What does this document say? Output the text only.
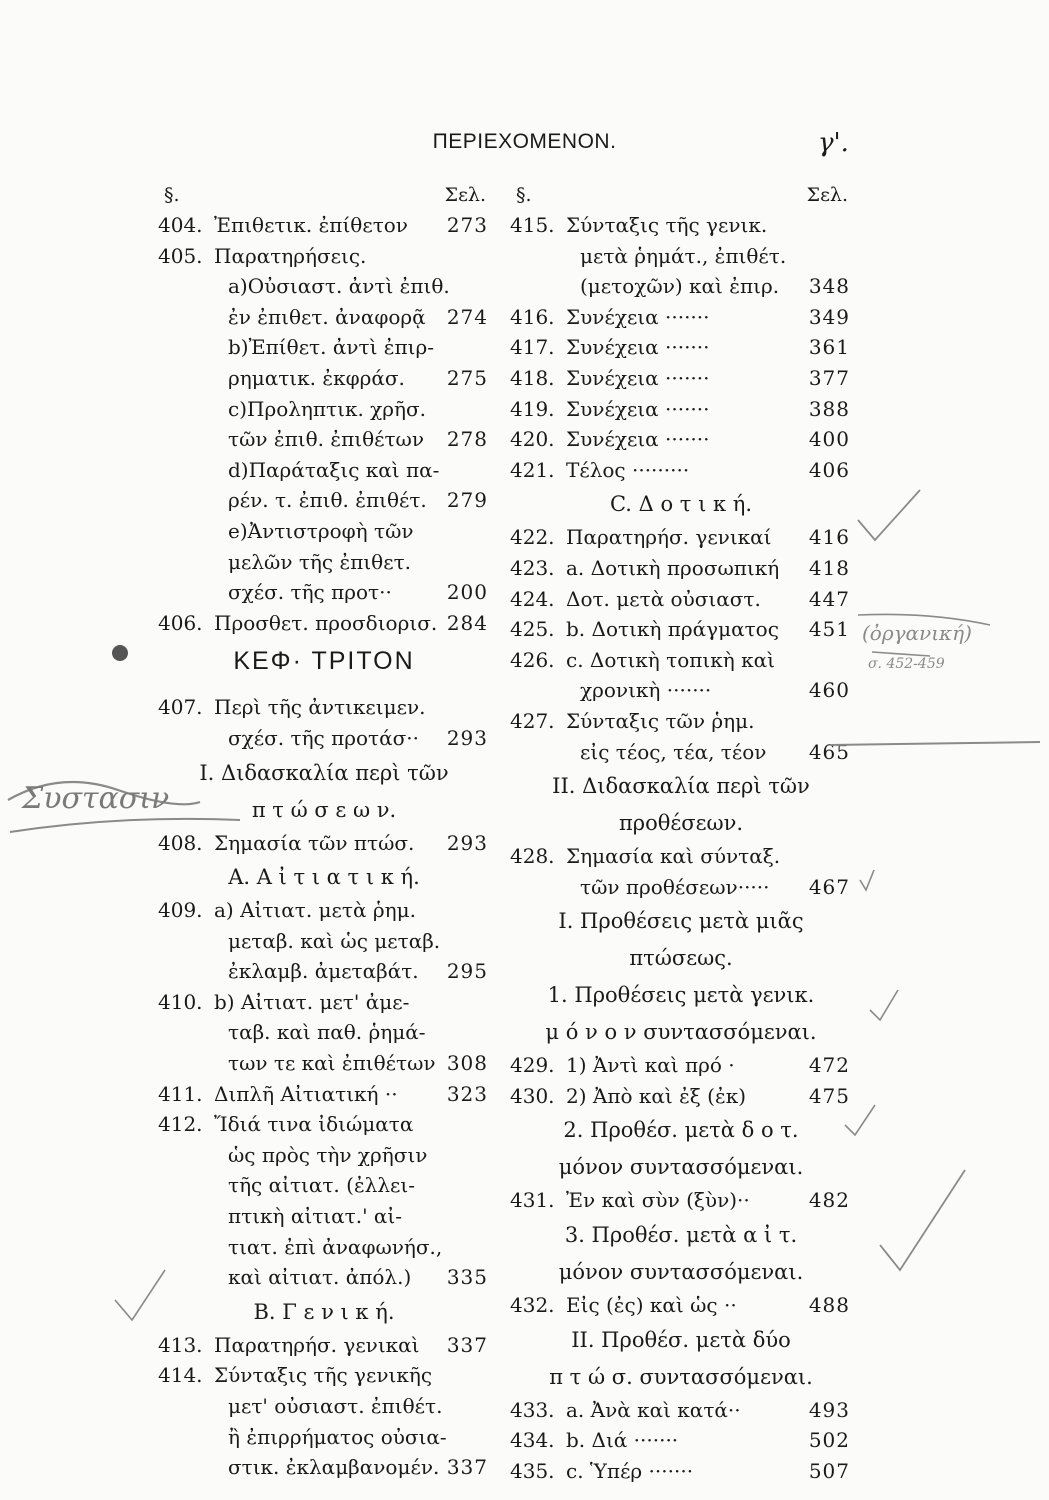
ΠΕΡΙΕΧΟΜΕΝΟΝ.	γ'.
§.	Σελ.
404. Ἐπιθετικ. ἐπίθετον 273
405. Παρατηρήσεις.
a)Οὐσιαστ. ἀντὶ ἐπιθ.
ἐν ἐπιθετ. ἀναφορᾷ 274
b)Ἐπίθετ. ἀντὶ ἐπιρ-
ρηματικ. ἐκφράσ. 275
c)Προληπτικ. χρῆσ.
τῶν ἐπιθ. ἐπιθέτων 278
d)Παράταξις καὶ πα-
ρέν. τ. ἐπιθ. ἐπιθέτ. 279
e)Ἀντιστροφὴ τῶν
μελῶν τῆς ἐπιθετ.
σχέσ. τῆς προτ··	200
406. Προσθετ. προσδιορισ. 284
ΚΕΦ· ΤΡΙΤΟΝ
407. Περὶ τῆς ἀντικειμεν.
σχέσ. τῆς προτάσ·· 293
I. Διδασκαλία περὶ τῶν
π τ ώ σ ε ω ν.
408. Σημασία τῶν πτώσ. 293
A. Α ἰ τ ι α τ ι κ ή.
409. a) Αἰτιατ. μετὰ ῥημ.
μεταβ. καὶ ὡς μεταβ.
ἐκλαμβ. ἀμεταβάτ. 295
410. b) Αἰτιατ. μετ' ἀμε-
ταβ. καὶ παθ. ῥημά-
των τε καὶ ἐπιθέτων 308
411. Διπλῆ Αἰτιατική ·· 323
412. Ἴδιά τινα ἰδιώματα
ὡς πρὸς τὴν χρῆσιν
τῆς αἰτιατ. (ἐλλει-
πτικὴ αἰτιατ.' αἰ-
τιατ. ἐπὶ ἀναφωνήσ.,
καὶ αἰτιατ. ἀπόλ.) 335
B. Γ ε ν ι κ ή.
413. Παρατηρήσ. γενικαὶ 337
414. Σύνταξις τῆς γενικῆς
μετ' οὐσιαστ. ἐπιθέτ.
ἢ ἐπιρρήματος οὐσια-
στικ. ἐκλαμβανομέν. 337
§.	Σελ.
415. Σύνταξις τῆς γενικ.
μετὰ ῥημάτ., ἐπιθέτ.
(μετοχῶν) καὶ ἐπιρ. 348
416. Συνέχεια ·······	349
417. Συνέχεια ·······	361
418. Συνέχεια ·······	377
419. Συνέχεια ·······	388
420. Συνέχεια ·······	400
421. Τέλος ·········	406
C. Δ ο τ ι κ ή.
422. Παρατηρήσ. γενικαί 416
423. a. Δοτικὴ προσωπική 418
424. Δοτ. μετὰ οὐσιαστ. 447
425. b. Δοτικὴ πράγματος 451
426. c. Δοτικὴ τοπικὴ καὶ
χρονικὴ ·······	460
427. Σύνταξις τῶν ῥημ.
εἰς τέος, τέα, τέον 465
II. Διδασκαλία περὶ τῶν
προθέσεων.
428. Σημασία καὶ σύνταξ.
τῶν προθέσεων····· 467
I. Προθέσεις μετὰ μιᾶς
πτώσεως.
1. Προθέσεις μετὰ γενικ.
μ ό ν ο ν συντασσόμεναι.
429. 1) Ἀντὶ καὶ πρό ·	472
430. 2) Ἀπὸ καὶ ἐξ (ἐκ)	475
2. Προθέσ. μετὰ δ ο τ.
μόνον συντασσόμεναι.
431. Ἐν καὶ σὺν (ξὺν)··	482
3. Προθέσ. μετὰ α ἰ τ.
μόνον συντασσόμεναι.
432. Εἰς (ἐς) καὶ ὡς ··	488
II. Προθέσ. μετὰ δύο
π τ ώ σ. συντασσόμεναι.
433. a. Ἀνὰ καὶ κατά··	493
434. b. Διά ·······	502
435. c. Ὑπέρ ·······	507
Συστασιν
(ὀργανική)
σ. 452-459
